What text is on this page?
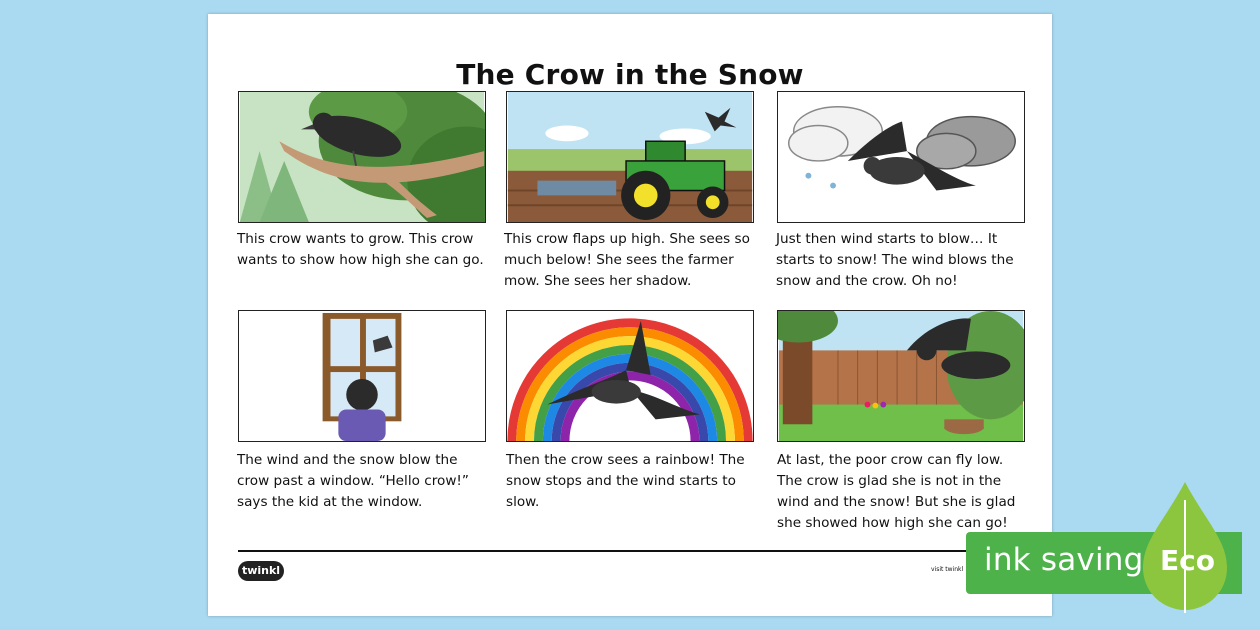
The Crow in the Snow
This crow wants to grow. This crow wants to show how high she can go.
This crow flaps up high. She sees so much below! She sees the farmer mow. She sees her shadow.
Just then wind starts to blow… It starts to snow! The wind blows the snow and the crow. Oh no!
The wind and the snow blow the crow past a window. “Hello crow!” says the kid at the window.
Then the crow sees a rainbow! The snow stops and the wind starts to slow.
At last, the poor crow can fly low. The crow is glad she is not in the wind and the snow! But she is glad she showed how high she can go!
twinkl	visit twinkl ink saving Eco
